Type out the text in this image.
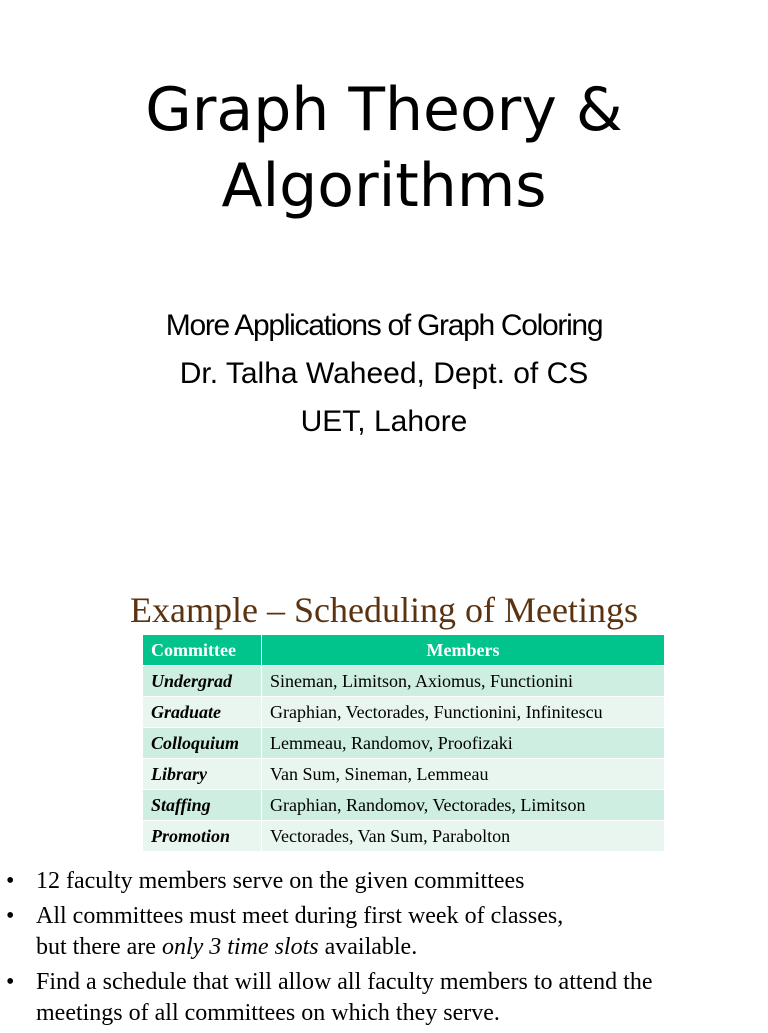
Graph Theory &
Algorithms
More Applications of Graph Coloring
Dr. Talha Waheed, Dept. of CS
UET, Lahore
Example – Scheduling of Meetings
Committee	Members
Undergrad	Sineman, Limitson, Axiomus, Functionini
Graduate	Graphian, Vectorades, Functionini, Infinitescu
Colloquium	Lemmeau, Randomov, Proofizaki
Library	Van Sum, Sineman, Lemmeau
Staffing	Graphian, Randomov, Vectorades, Limitson
Promotion	Vectorades, Van Sum, Parabolton
• 12 faculty members serve on the given committees
• All committees must meet during first week of classes,
but there are only 3 time slots available.
• Find a schedule that will allow all faculty members to attend the
meetings of all committees on which they serve.
